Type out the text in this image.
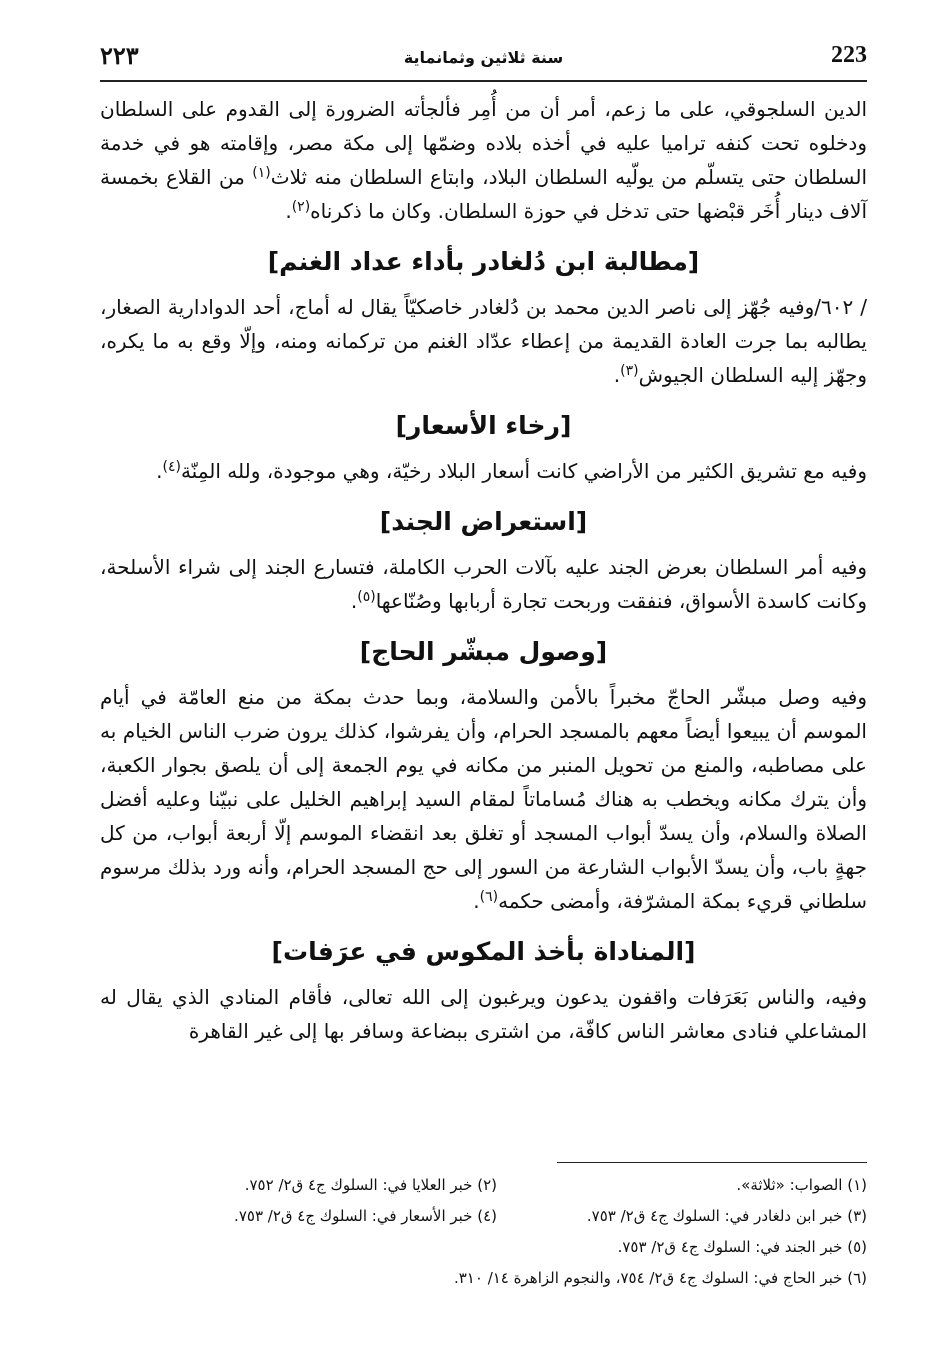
223
سنة ثلاثين وثمانماية
٢٢٣

الدين السلجوقي، على ما زعم، أمر أن من أُمِر فألجأته الضرورة إلى القدوم على السلطان ودخلوه تحت كنفه تراميا عليه في أخذه بلاده وضمّها إلى مكة مصر، وإقامته هو في خدمة السلطان حتى يتسلّم من يولّيه السلطان البلاد، وابتاع السلطان منه ثلاث$^{(١)}$ من القلاع بخمسة آلاف دينار أُخَر قبْضها حتى تدخل في حوزة السلطان. وكان ما ذكرناه$^{(٢)}$.

[مطالبة ابن دُلغادر بأداء عداد الغنم]

/ ٦٠٢/وفيه جُهّز إلى ناصر الدين محمد بن دُلغادر خاصكيّاً يقال له أماج، أحد الدوادارية الصغار، يطالبه بما جرت العادة القديمة من إعطاء عدّاد الغنم من تركمانه ومنه، وإلّا وقع به ما يكره، وجهّز إليه السلطان الجيوش$^{(٣)}$.

[رخاء الأسعار]

وفيه مع تشريق الكثير من الأراضي كانت أسعار البلاد رخيّة، وهي موجودة، ولله المِنّة$^{(٤)}$.

[استعراض الجند]

وفيه أمر السلطان بعرض الجند عليه بآلات الحرب الكاملة، فتسارع الجند إلى شراء الأسلحة، وكانت كاسدة الأسواق، فنفقت وربحت تجارة أربابها وصُنّاعها$^{(٥)}$.

[وصول مبشّر الحاج]

وفيه وصل مبشّر الحاجّ مخبراً بالأمن والسلامة، وبما حدث بمكة من منع العامّة في أيام الموسم أن يبيعوا أيضاً معهم بالمسجد الحرام، وأن يفرشوا، كذلك يرون ضرب الناس الخيام به على مصاطبه، والمنع من تحويل المنبر من مكانه في يوم الجمعة إلى أن يلصق بجوار الكعبة، وأن يترك مكانه ويخطب به هناك مُساماتاً لمقام السيد إبراهيم الخليل على نبيّنا وعليه أفضل الصلاة والسلام، وأن يسدّ أبواب المسجد أو تغلق بعد انقضاء الموسم إلّا أربعة أبواب، من كل جهةٍ باب، وأن يسدّ الأبواب الشارعة من السور إلى حج المسجد الحرام، وأنه ورد بذلك مرسوم سلطاني قريء بمكة المشرّفة، وأمضى حكمه$^{(٦)}$.

[المناداة بأخذ المكوس في عرَفات]

وفيه، والناس بَعَرَفات واقفون يدعون ويرغبون إلى الله تعالى، فأقام المنادي الذي يقال له المشاعلي فنادى معاشر الناس كافّة، من اشترى ببضاعة وسافر بها إلى غير القاهرة

(١) الصواب: «ثلاثة».
(٢) خبر العلايا في: السلوك ج٤ ق٢/ ٧٥٢.
(٣) خبر ابن دلغادر في: السلوك ج٤ ق٢/ ٧٥٣.
(٤) خبر الأسعار في: السلوك ج٤ ق٢/ ٧٥٣.
(٥) خبر الجند في: السلوك ج٤ ق٢/ ٧٥٣.
(٦) خبر الحاج في: السلوك ج٤ ق٢/ ٧٥٤، والنجوم الزاهرة ١٤/ ٣١٠.
